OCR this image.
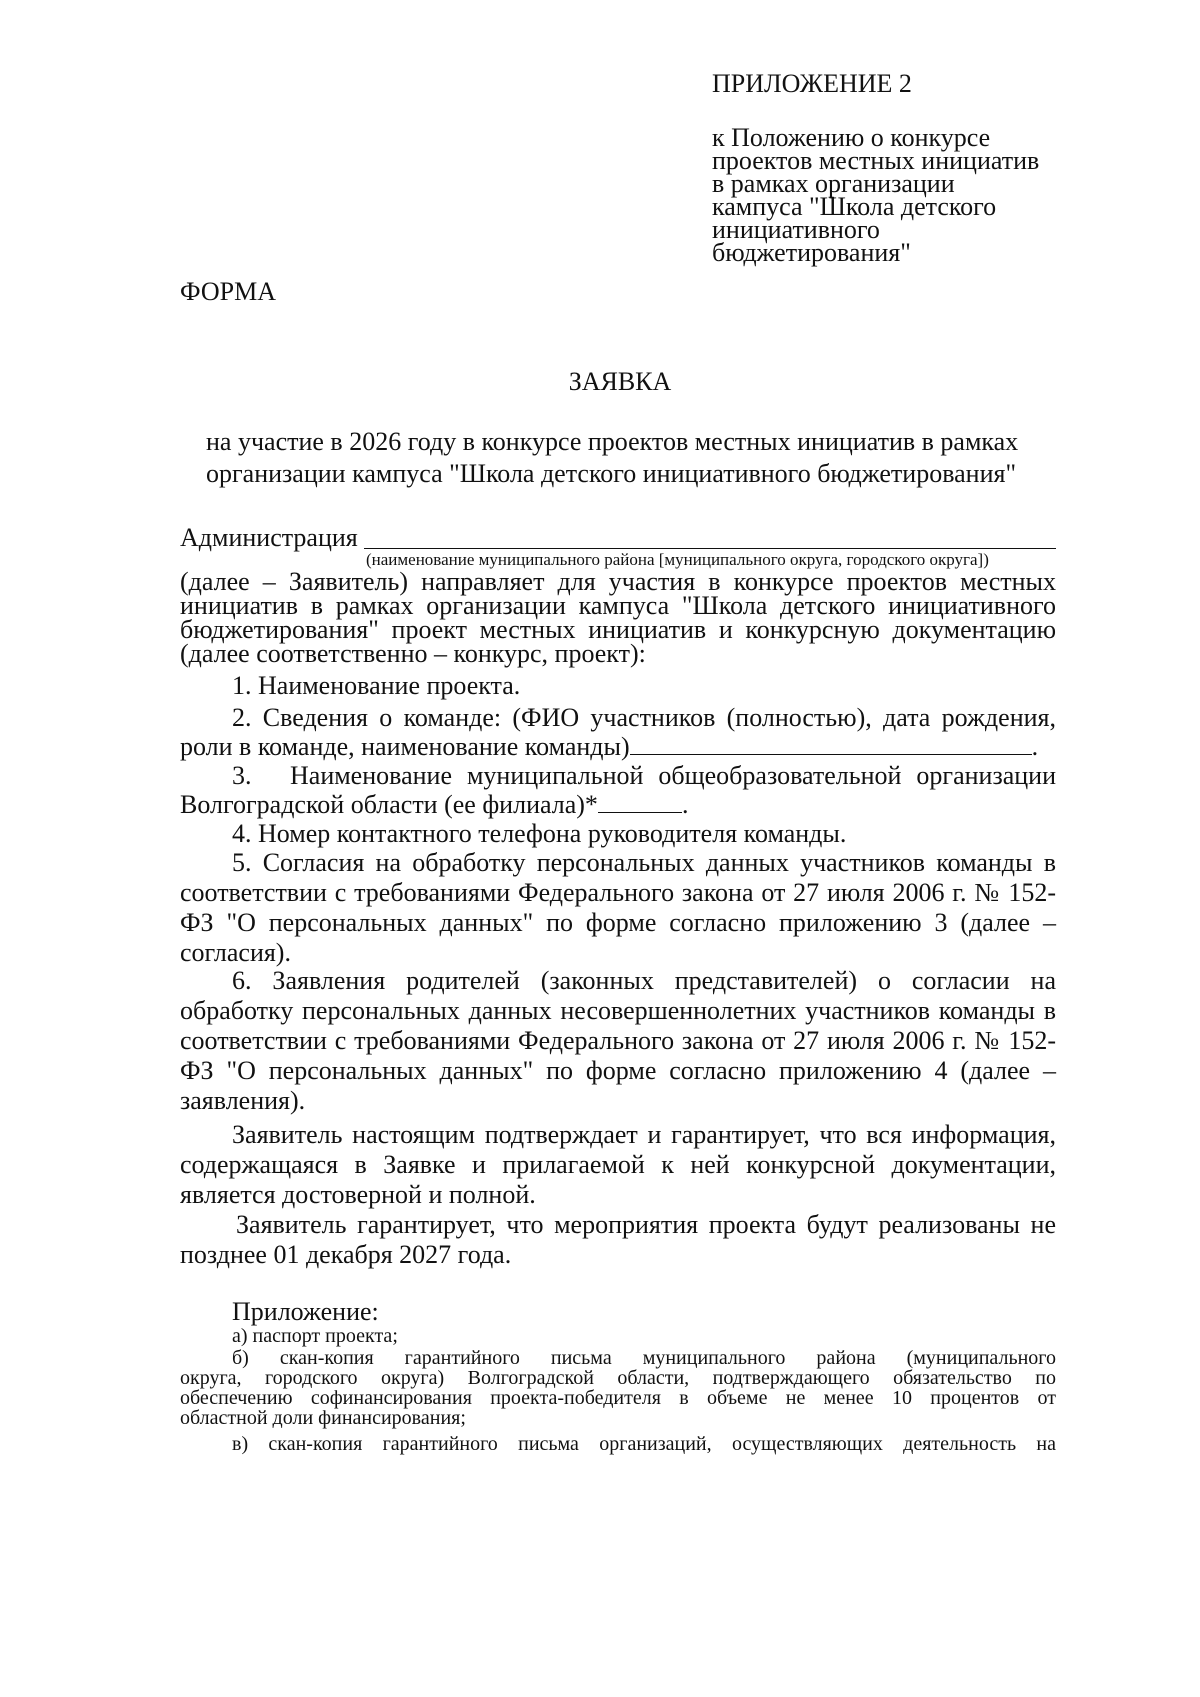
ПРИЛОЖЕНИЕ 2
к Положению о конкурсе
проектов местных инициатив
в рамках организации
кампуса "Школа детского
инициативного
бюджетирования"
ФОРМА
ЗАЯВКА
на участие в 2026 году в конкурсе проектов местных инициатив в рамках
организации кампуса "Школа детского инициативного бюджетирования"
Администрация
(наименование муниципального района [муниципального округа, городского округа])
(далее – Заявитель) направляет для участия в конкурсе проектов местных
инициатив в рамках организации кампуса "Школа детского инициативного
бюджетирования" проект местных инициатив и конкурсную документацию
(далее соответственно – конкурс, проект):
1. Наименование проекта.
2. Сведения о команде: (ФИО участников (полностью), дата рождения,
роли в команде, наименование команды)	.
3. Наименование муниципальной общеобразовательной организации
Волгоградской области (ее филиала)*	.
4. Номер контактного телефона руководителя команды.
5. Согласия на обработку персональных данных участников команды в
соответствии с требованиями Федерального закона от 27 июля 2006 г. № 152-
ФЗ "О персональных данных" по форме согласно приложению 3 (далее –
согласия).
6. Заявления родителей (законных представителей) о согласии на
обработку персональных данных несовершеннолетних участников команды в
соответствии с требованиями Федерального закона от 27 июля 2006 г. № 152-
ФЗ "О персональных данных" по форме согласно приложению 4 (далее –
заявления).
Заявитель настоящим подтверждает и гарантирует, что вся информация,
содержащаяся в Заявке и прилагаемой к ней конкурсной документации,
является достоверной и полной.
Заявитель гарантирует, что мероприятия проекта будут реализованы не
позднее 01 декабря 2027 года.
Приложение:
а) паспорт проекта;
б) скан-копия гарантийного письма муниципального района (муниципального
округа, городского округа) Волгоградской области, подтверждающего обязательство по
обеспечению софинансирования проекта-победителя в объеме не менее 10 процентов от
областной доли финансирования;
в) скан-копия гарантийного письма организаций, осуществляющих деятельность на
